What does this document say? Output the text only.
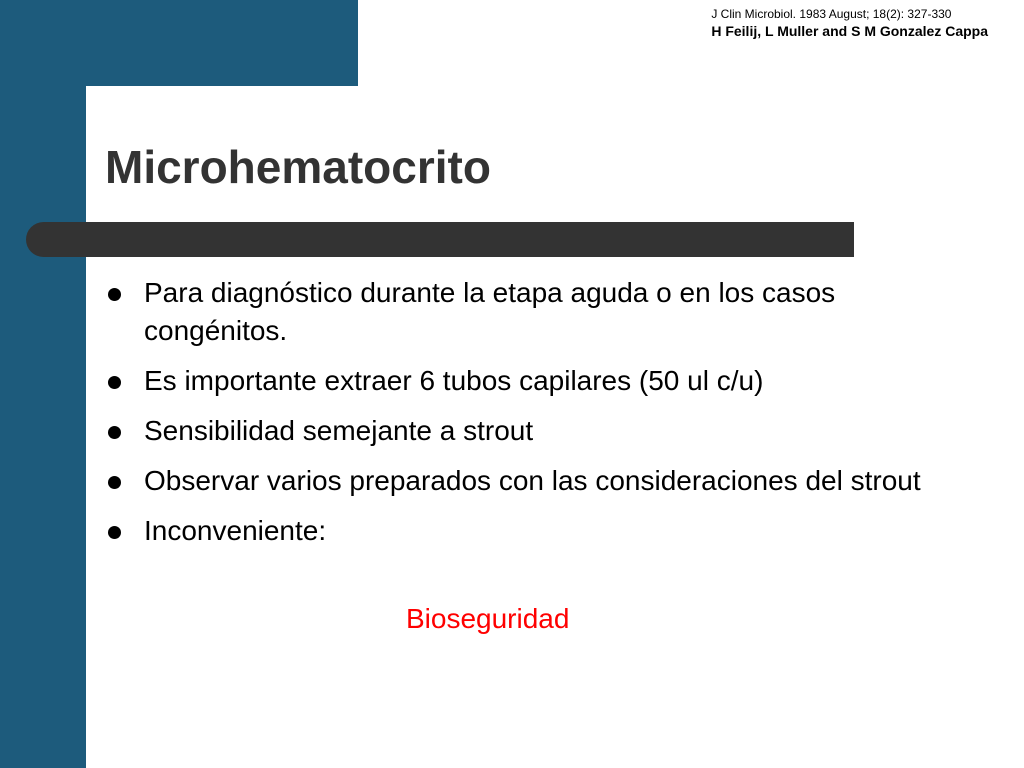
J Clin Microbiol. 1983 August; 18(2): 327-330
H Feilij, L Muller and S M Gonzalez Cappa
Microhematocrito
Para diagnóstico durante la etapa aguda o en los casos congénitos.
Es importante extraer 6 tubos capilares (50 ul c/u)
Sensibilidad semejante a strout
Observar varios preparados con las consideraciones del strout
Inconveniente:
Bioseguridad
